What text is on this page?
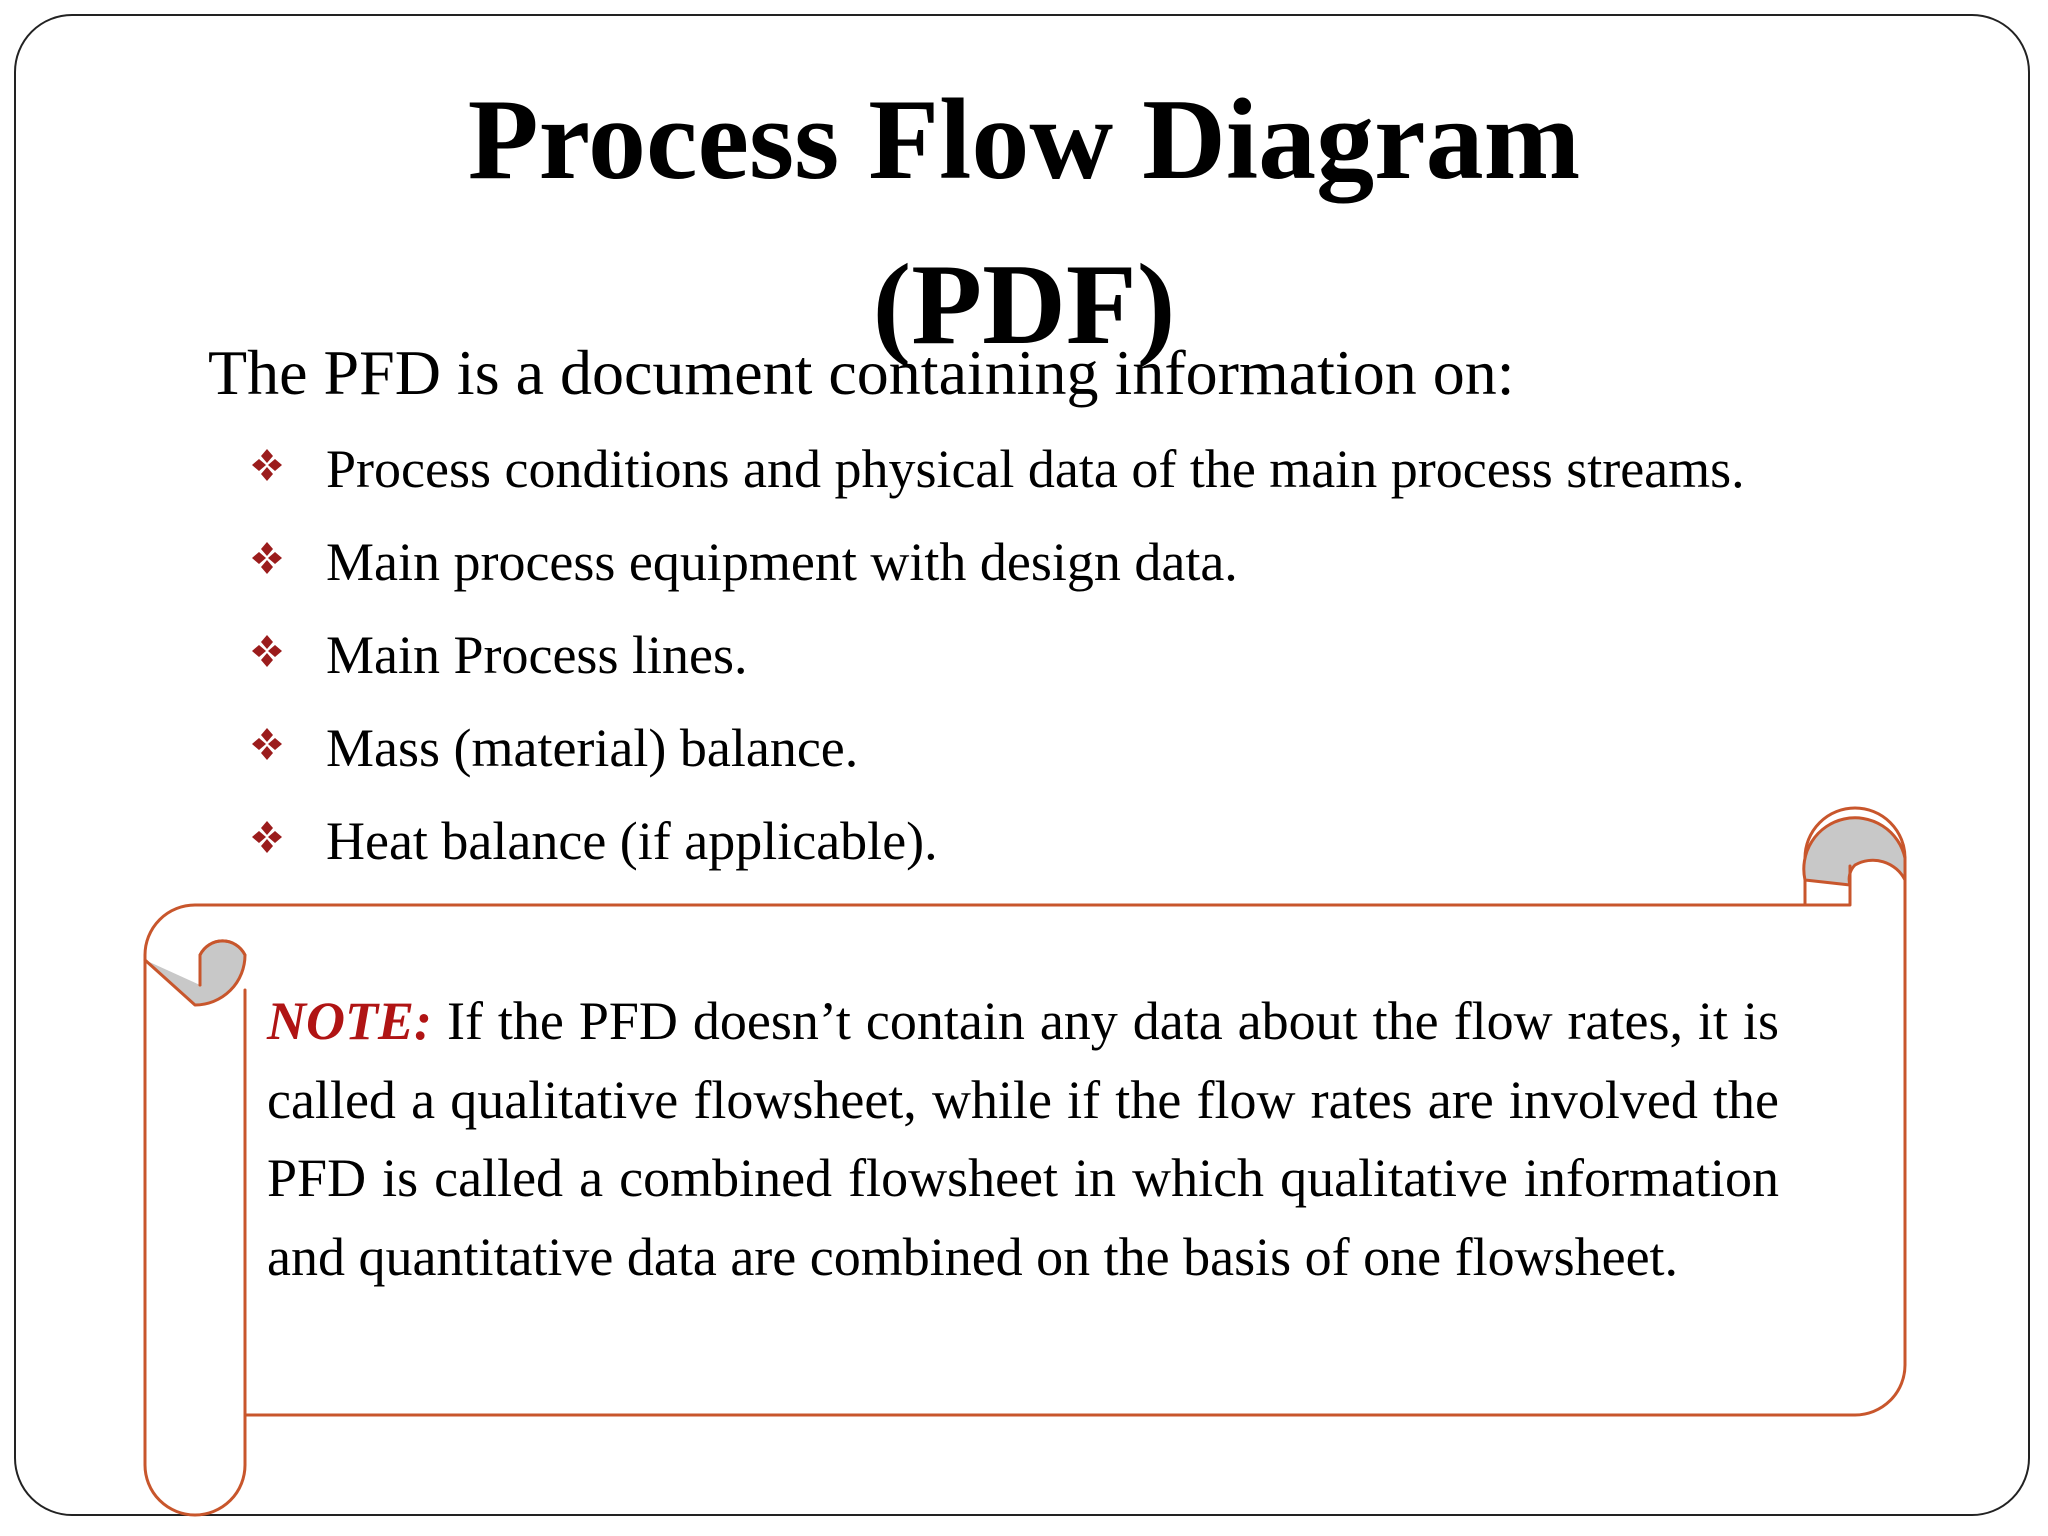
Process Flow Diagram
(PDF)
The PFD is a document containing information on:
Process conditions and physical data of the main process streams.
Main process equipment with design data.
Main Process lines.
Mass (material) balance.
Heat balance (if applicable).

NOTE: If the PFD doesn’t contain any data about the flow rates, it is called a qualitative flowsheet, while if the flow rates are involved the PFD is called a combined flowsheet in which qualitative information and quantitative data are combined on the basis of one flowsheet.
